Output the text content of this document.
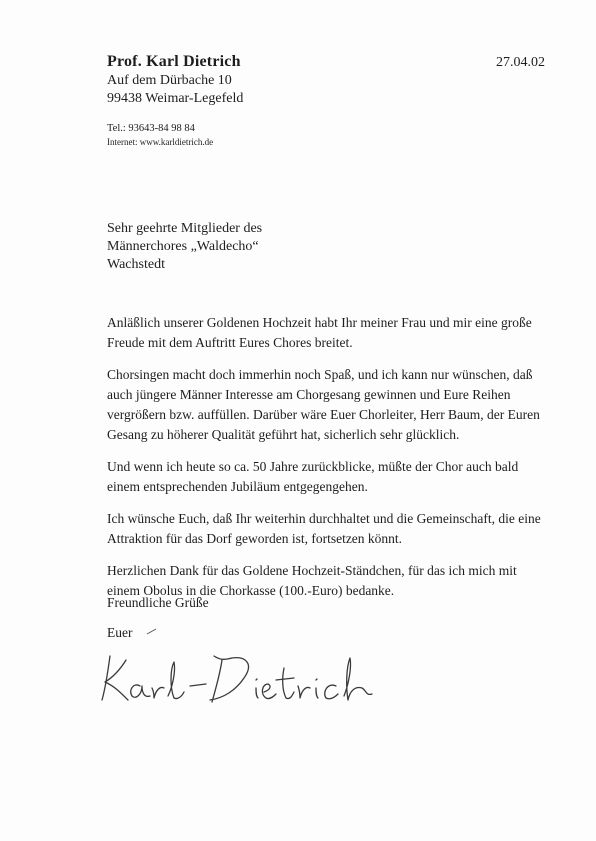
Prof. Karl Dietrich
Auf dem Dürbache 10
99438 Weimar-Legefeld
Tel.: 93643-84 98 84
Internet: www.karldietrich.de
27.04.02
Sehr geehrte Mitglieder des
Männerchores „Waldecho“
Wachstedt

Anläßlich unserer Goldenen Hochzeit habt Ihr meiner Frau und mir eine große
Freude mit dem Auftritt Eures Chores breitet.

Chorsingen macht doch immerhin noch Spaß, und ich kann nur wünschen, daß
auch jüngere Männer Interesse am Chorgesang gewinnen und Eure Reihen
vergrößern bzw. auffüllen. Darüber wäre Euer Chorleiter, Herr Baum, der Euren
Gesang zu höherer Qualität geführt hat, sicherlich sehr glücklich.

Und wenn ich heute so ca. 50 Jahre zurückblicke, müßte der Chor auch bald
einem entsprechenden Jubiläum entgegengehen.

Ich wünsche Euch, daß Ihr weiterhin durchhaltet und die Gemeinschaft, die eine
Attraktion für das Dorf geworden ist, fortsetzen könnt.

Herzlichen Dank für das Goldene Hochzeit-Ständchen, für das ich mich mit
einem Obolus in die Chorkasse (100.-Euro) bedanke.

Freundliche Grüße
Euer
